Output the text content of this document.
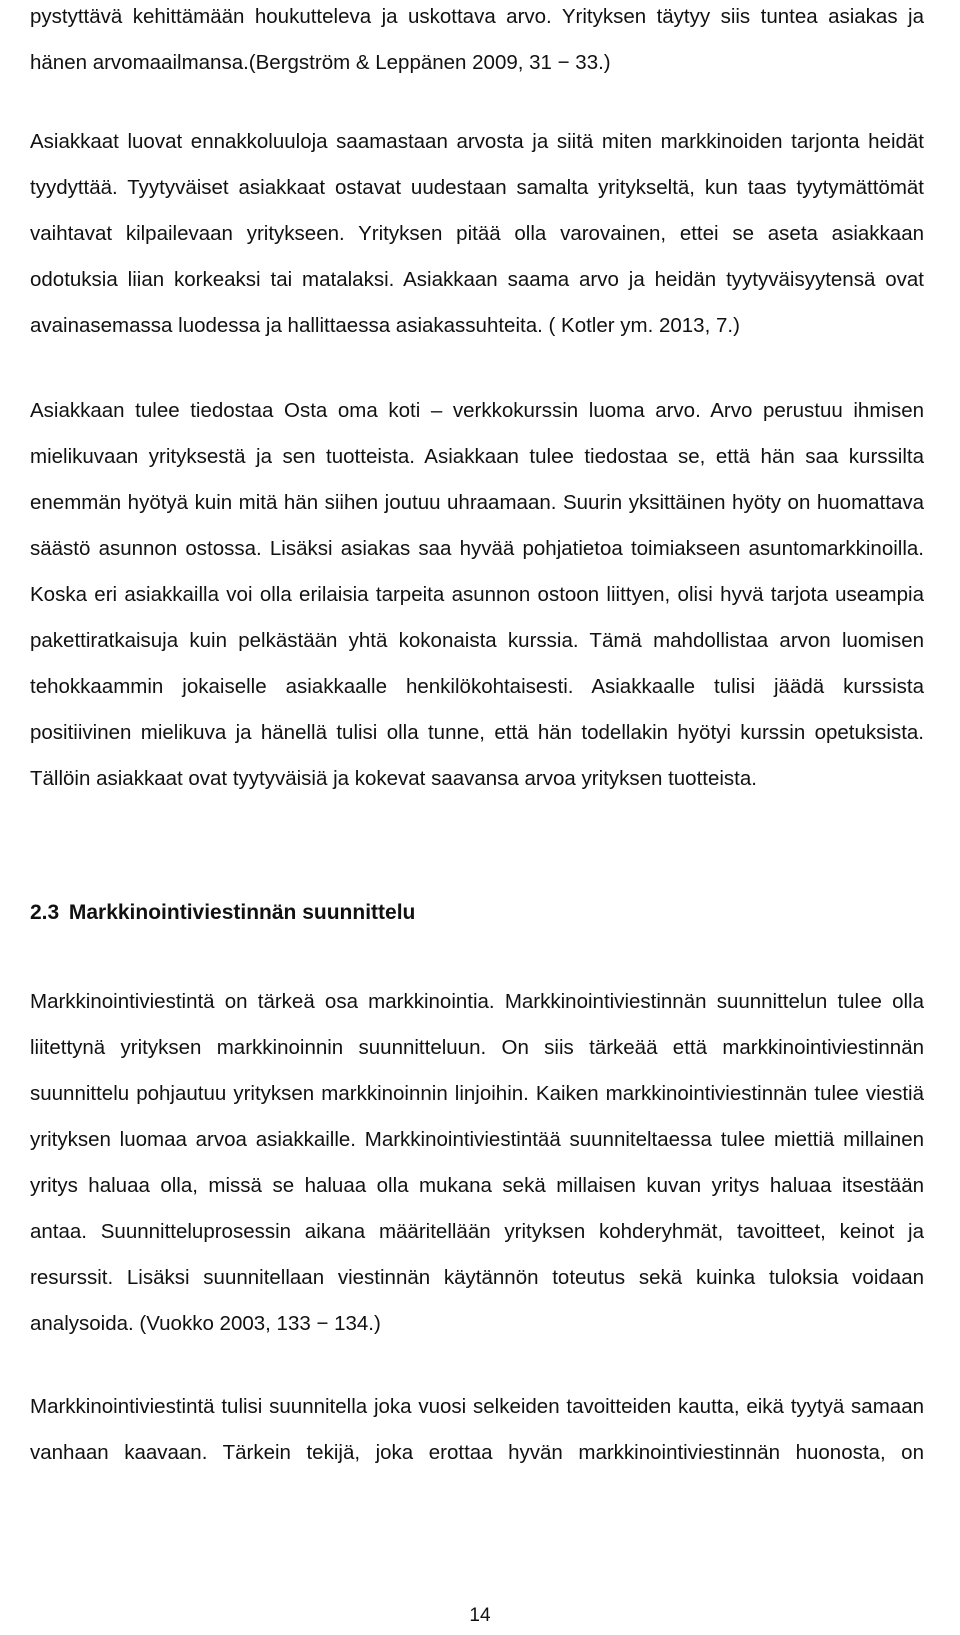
pystyttävä kehittämään houkutteleva ja uskottava arvo. Yrityksen täytyy siis tuntea asiakas ja
hänen arvomaailmansa.(Bergström & Leppänen 2009, 31 − 33.)
Asiakkaat luovat ennakkoluuloja saamastaan arvosta ja siitä miten markkinoiden tarjonta heidät
tyydyttää. Tyytyväiset asiakkaat ostavat uudestaan samalta yritykseltä, kun taas tyytymättömät
vaihtavat kilpailevaan yritykseen. Yrityksen pitää olla varovainen, ettei se aseta asiakkaan
odotuksia liian korkeaksi tai matalaksi. Asiakkaan saama arvo ja heidän tyytyväisyytensä ovat
avainasemassa luodessa ja hallittaessa asiakassuhteita. ( Kotler ym. 2013, 7.)
Asiakkaan tulee tiedostaa Osta oma koti – verkkokurssin luoma arvo. Arvo perustuu ihmisen
mielikuvaan yrityksestä ja sen tuotteista. Asiakkaan tulee tiedostaa se, että hän saa kurssilta
enemmän hyötyä kuin mitä hän siihen joutuu uhraamaan. Suurin yksittäinen hyöty on huomattava
säästö asunnon ostossa. Lisäksi asiakas saa hyvää pohjatietoa toimiakseen asuntomarkkinoilla.
Koska eri asiakkailla voi olla erilaisia tarpeita asunnon ostoon liittyen, olisi hyvä tarjota useampia
pakettiratkaisuja kuin pelkästään yhtä kokonaista kurssia. Tämä mahdollistaa arvon luomisen
tehokkaammin jokaiselle asiakkaalle henkilökohtaisesti. Asiakkaalle tulisi jäädä kurssista
positiivinen mielikuva ja hänellä tulisi olla tunne, että hän todellakin hyötyi kurssin opetuksista.
Tällöin asiakkaat ovat tyytyväisiä ja kokevat saavansa arvoa yrityksen tuotteista.
2.3 Markkinointiviestinnän suunnittelu
Markkinointiviestintä on tärkeä osa markkinointia. Markkinointiviestinnän suunnittelun tulee olla
liitettynä yrityksen markkinoinnin suunnitteluun. On siis tärkeää että markkinointiviestinnän
suunnittelu pohjautuu yrityksen markkinoinnin linjoihin. Kaiken markkinointiviestinnän tulee viestiä
yrityksen luomaa arvoa asiakkaille. Markkinointiviestintää suunniteltaessa tulee miettiä millainen
yritys haluaa olla, missä se haluaa olla mukana sekä millaisen kuvan yritys haluaa itsestään
antaa. Suunnitteluprosessin aikana määritellään yrityksen kohderyhmät, tavoitteet, keinot ja
resurssit. Lisäksi suunnitellaan viestinnän käytännön toteutus sekä kuinka tuloksia voidaan
analysoida. (Vuokko 2003, 133 − 134.)
Markkinointiviestintä tulisi suunnitella joka vuosi selkeiden tavoitteiden kautta, eikä tyytyä samaan
vanhaan kaavaan. Tärkein tekijä, joka erottaa hyvän markkinointiviestinnän huonosta, on
14
